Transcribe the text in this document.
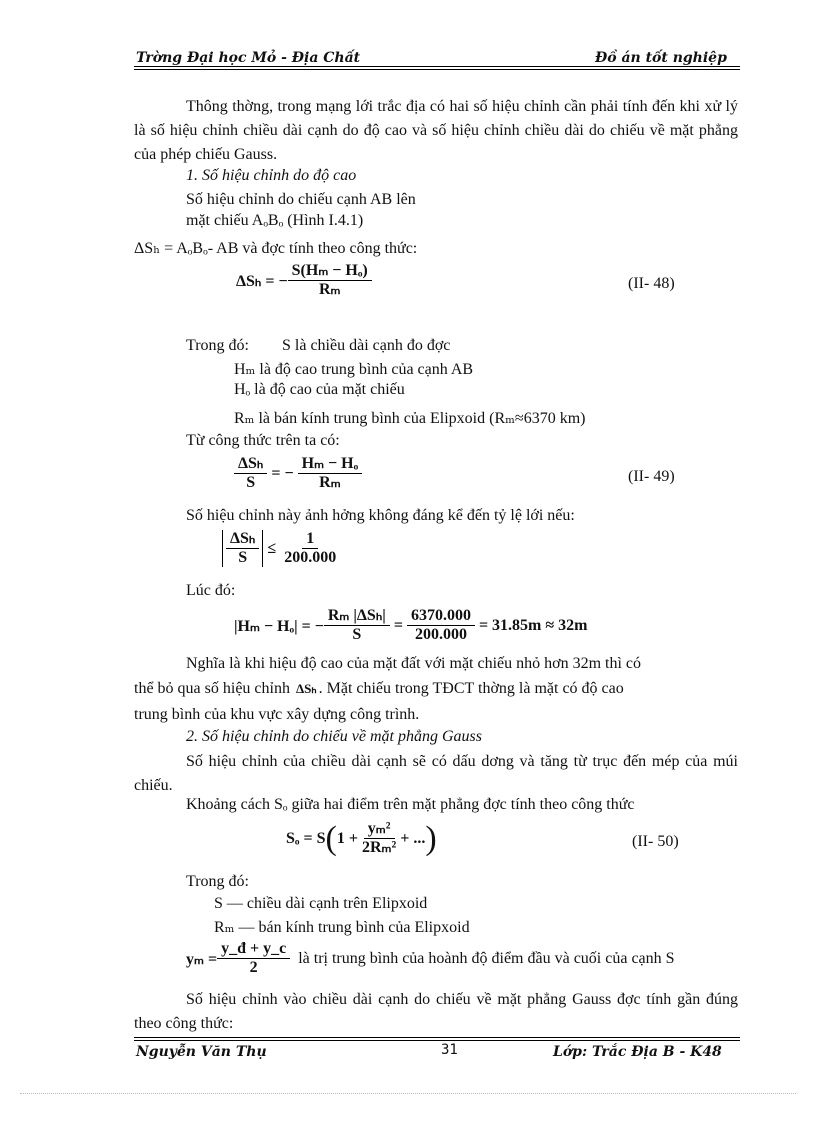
Trờng Đại học Mỏ - Địa Chất	Đồ án tốt nghiệp
Thông thờng, trong mạng lới trắc địa có hai số hiệu chỉnh cần phải tính đến khi xử lý là số hiệu chỉnh chiều dài cạnh do độ cao và số hiệu chỉnh chiều dài do chiếu về mặt phẳng của phép chiếu Gauss.
1. Số hiệu chỉnh do độ cao
Số hiệu chỉnh do chiếu cạnh AB lên
mặt chiếu AₒBₒ (Hình I.4.1)
ΔSₕ = AₒBₒ- AB và đợc tính theo công thức:
ΔSₕ = − $\frac{\text{S(Hₘ − Hₒ)}}{\text{Rₘ}}$	(II- 48)
Trong đó: S là chiều dài cạnh đo đợc
Hₘ là độ cao trung bình của cạnh AB
Hₒ là độ cao của mặt chiếu
Rₘ là bán kính trung bình của Elipxoid (Rₘ≈6370 km)
Từ công thức trên ta có:
$\frac{\text{ΔSₕ}}{S}$ = − $\frac{\text{Hₘ − Hₒ}}{\text{Rₘ}}$	(II- 49)
Số hiệu chỉnh này ảnh hởng không đáng kể đến tỷ lệ lới nếu:
$\frac{\text{ΔSₕ}}{S} \le \frac{1}{200.000}$
Lúc đó:
|Hₘ − Hₒ| = − $\frac{\text{Rₘ |ΔSₕ|}}{S} = \frac{6370.000}{200.000} = 31.85m \approx 32m$
Nghĩa là khi hiệu độ cao của mặt đất với mặt chiếu nhỏ hơn 32m thì có
thể bỏ qua số hiệu chỉnh ΔSₕ . Mặt chiếu trong TĐCT thờng là mặt có độ cao
trung bình của khu vực xây dựng công trình.
2. Số hiệu chỉnh do chiếu về mặt phẳng Gauss
Số hiệu chỉnh của chiều dài cạnh sẽ có dấu dơng và tăng từ trục đến mép của múi chiếu.
Khoảng cách Sₒ giữa hai điểm trên mặt phẳng đợc tính theo công thức
Sₒ = S ( $1 + \frac{\text{yₘ²}}{\text{2Rₘ²}}$ + ... )	(II- 50)
Trong đó:
S — chiều dài cạnh trên Elipxoid
Rₘ — bán kính trung bình của Elipxoid
$y_m = \frac{y\_đ + y\_c}{2}$ là trị trung bình của hoành độ điểm đầu và cuối của cạnh S
Số hiệu chỉnh vào chiều dài cạnh do chiếu về mặt phẳng Gauss đợc tính gần đúng theo công thức:
Nguyễn Văn Thụ	31	Lớp: Trắc Địa B - K48
